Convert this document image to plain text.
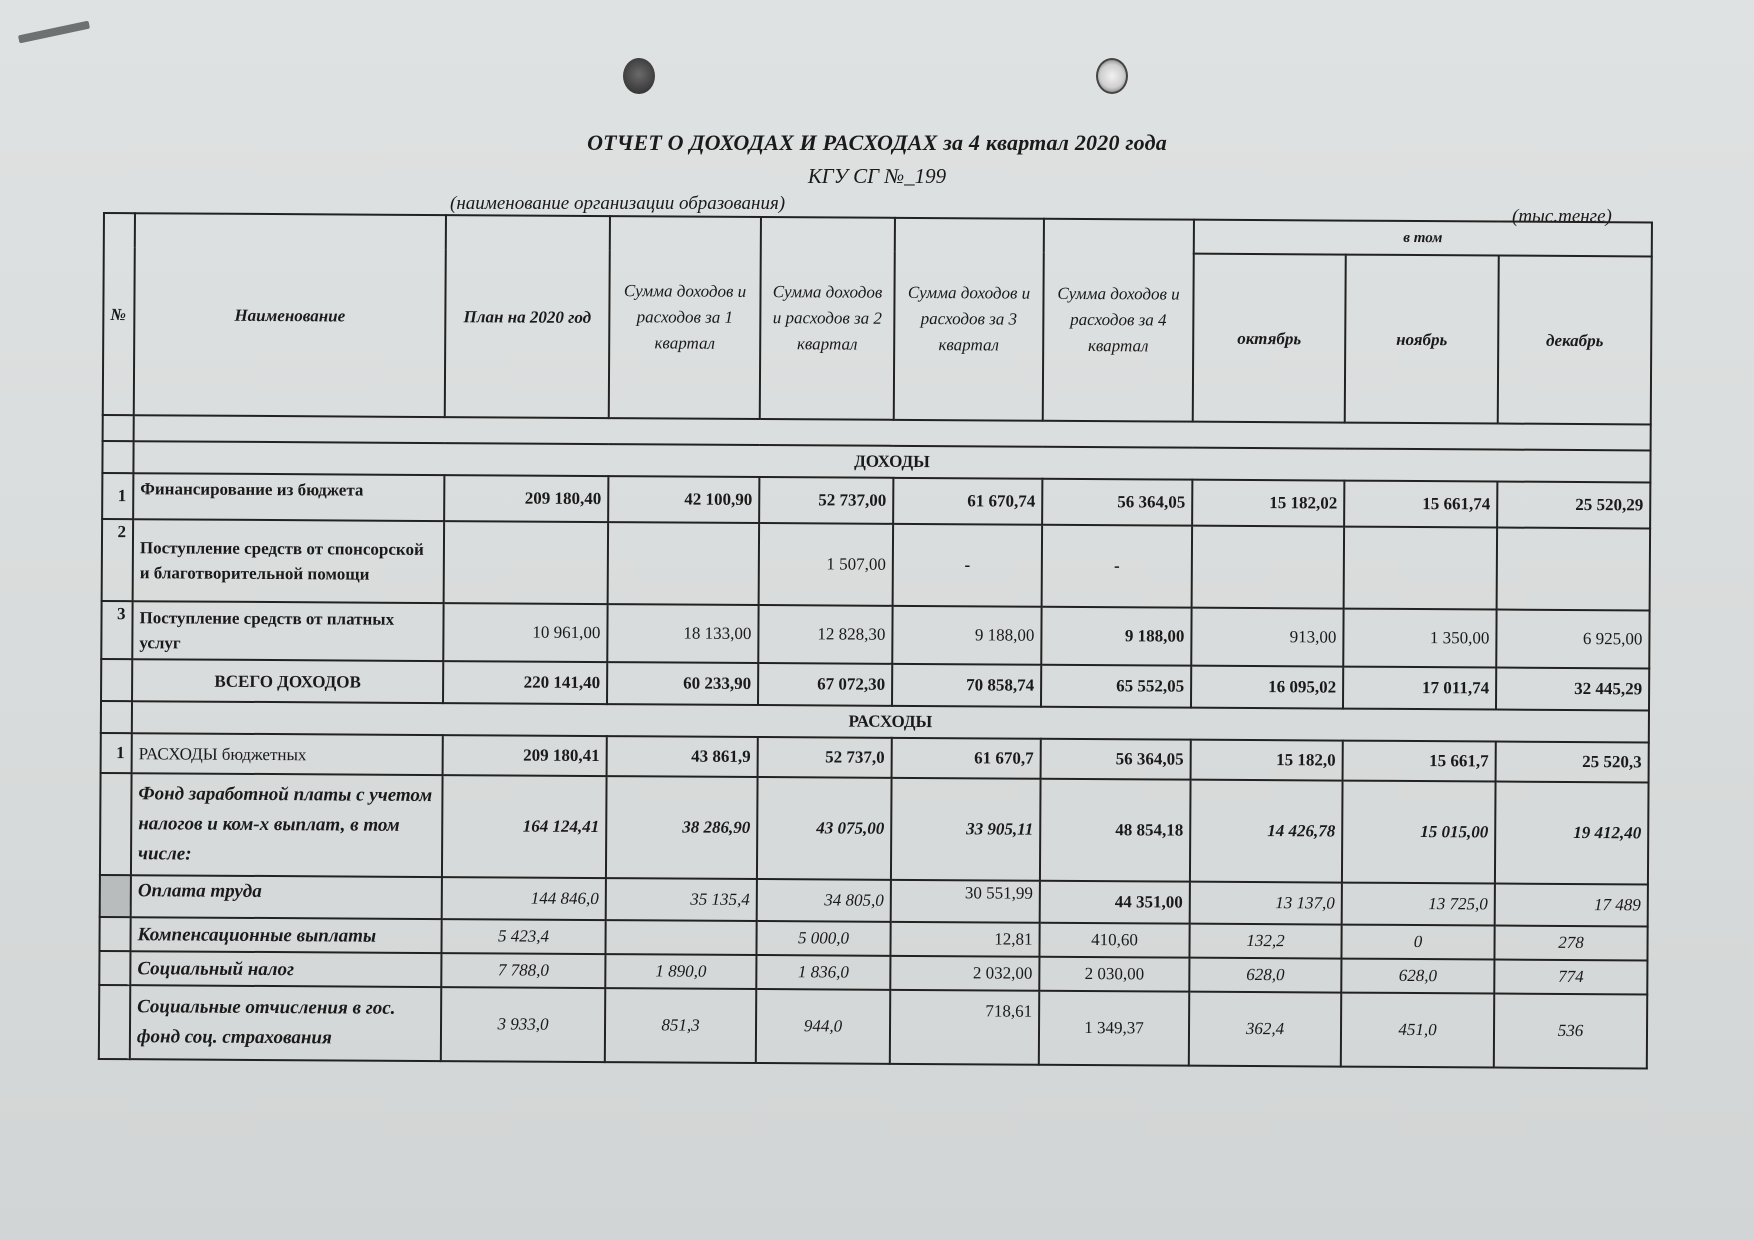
ОТЧЕТ О ДОХОДАХ И РАСХОДАХ за 4 квартал 2020 года
КГУ СГ №_199
(наименование организации образования)
(тыс.тенге)
№	Наименование	План на 2020 год	Сумма доходов и расходов за 1 квартал	Сумма доходов и расходов за 2 квартал	Сумма доходов и расходов за 3 квартал	Сумма доходов и расходов за 4 квартал	в том		
							октябрь	ноябрь	декабрь

	ДОХОДЫ								
1	Финансирование из бюджета	209 180,40	42 100,90	52 737,00	61 670,74	56 364,05	15 182,02	15 661,74	25 520,29
2	Поступление средств от спонсорской и благотворительной помощи			1 507,00	-	-			
3	Поступление средств от платных услуг	10 961,00	18 133,00	12 828,30	9 188,00	9 188,00	913,00	1 350,00	6 925,00
	ВСЕГО ДОХОДОВ	220 141,40	60 233,90	67 072,30	70 858,74	65 552,05	16 095,02	17 011,74	32 445,29
	РАСХОДЫ								
1	РАСХОДЫ бюджетных	209 180,41	43 861,9	52 737,0	61 670,7	56 364,05	15 182,0	15 661,7	25 520,3
	Фонд заработной платы с учетом налогов и ком-х выплат, в том числе:	164 124,41	38 286,90	43 075,00	33 905,11	48 854,18	14 426,78	15 015,00	19 412,40
	Оплата труда	144 846,0	35 135,4	34 805,0	30 551,99	44 351,00	13 137,0	13 725,0	17 489
	Компенсационные выплаты	5 423,4		5 000,0	12,81	410,60	132,2	0	278
	Социальный налог	7 788,0	1 890,0	1 836,0	2 032,00	2 030,00	628,0	628,0	774
	Социальные отчисления в гос. фонд соц. страхования	3 933,0	851,3	944,0	718,61	1 349,37	362,4	451,0	536
